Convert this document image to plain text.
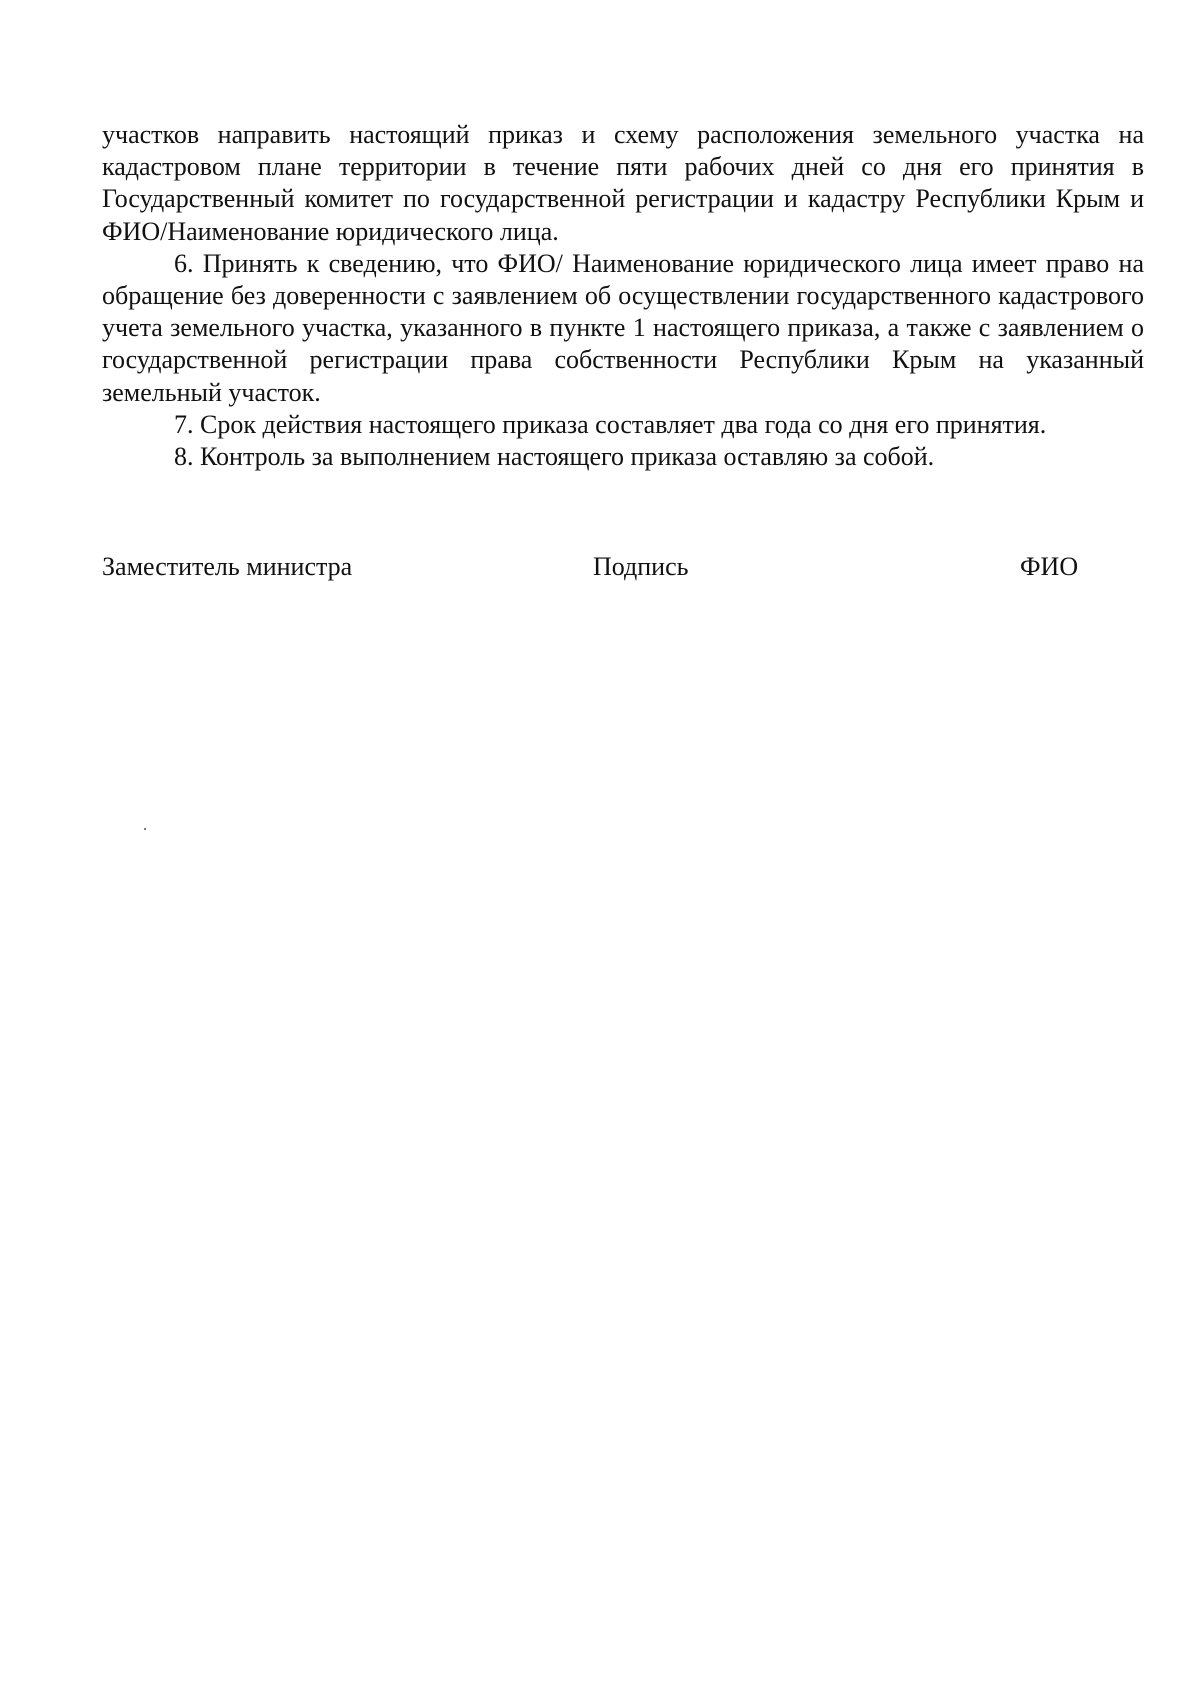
участков направить настоящий приказ и схему расположения земельного участка на кадастровом плане территории в течение пяти рабочих дней со дня его принятия в Государственный комитет по государственной регистрации и кадастру Республики Крым и ФИО/Наименование юридического лица.

6. Принять к сведению, что ФИО/ Наименование юридического лица имеет право на обращение без доверенности с заявлением об осуществлении государственного кадастрового учета земельного участка, указанного в пункте 1 настоящего приказа, а также с заявлением о государственной регистрации права собственности Республики Крым на указанный земельный участок.

7. Срок действия настоящего приказа составляет два года со дня его принятия.

8. Контроль за выполнением настоящего приказа оставляю за собой.

Заместитель министра	Подпись	ФИО
